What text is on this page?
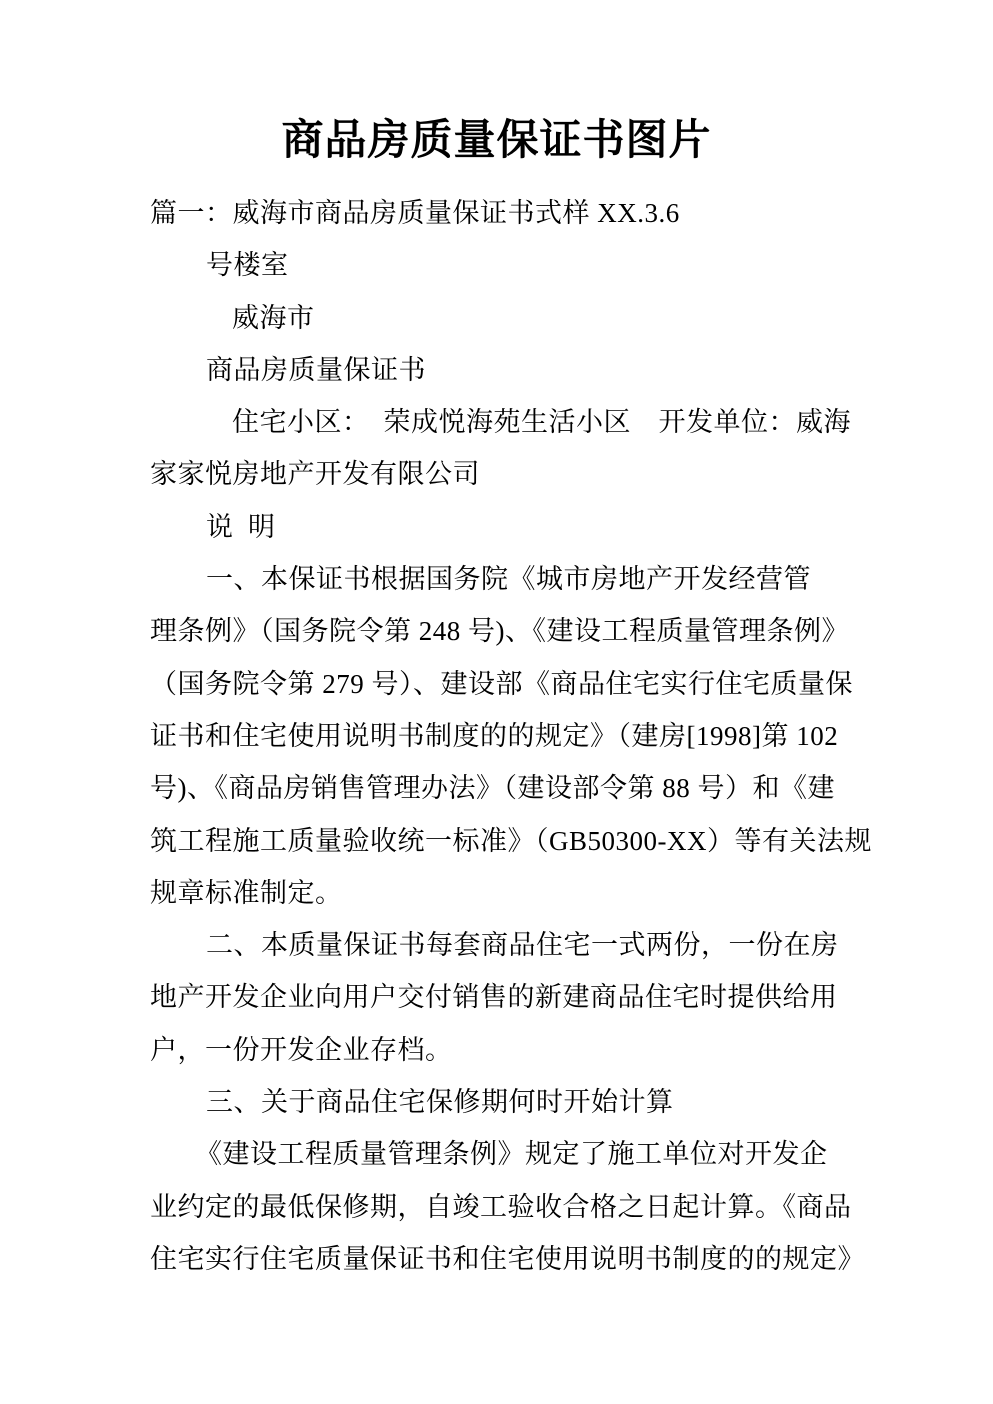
商品房质量保证书图片
篇一：威海市商品房质量保证书式样 XX.3.6
号楼室
威海市
商品房质量保证书
住宅小区：　荣成悦海苑生活小区　开发单位：威海
家家悦房地产开发有限公司
说  明
一、本保证书根据国务院《城市房地产开发经营管
理条例》（国务院令第 248 号)、《建设工程质量管理条例》
（国务院令第 279 号）、建设部《商品住宅实行住宅质量保
证书和住宅使用说明书制度的的规定》（建房[1998]第 102
号)、《商品房销售管理办法》（建设部令第 88 号）和《建
筑工程施工质量验收统一标准》（GB50300-XX）等有关法规
规章标准制定。
二、本质量保证书每套商品住宅一式两份，一份在房
地产开发企业向用户交付销售的新建商品住宅时提供给用
户，一份开发企业存档。
三、关于商品住宅保修期何时开始计算
《建设工程质量管理条例》规定了施工单位对开发企
业约定的最低保修期，自竣工验收合格之日起计算。《商品
住宅实行住宅质量保证书和住宅使用说明书制度的的规定》
